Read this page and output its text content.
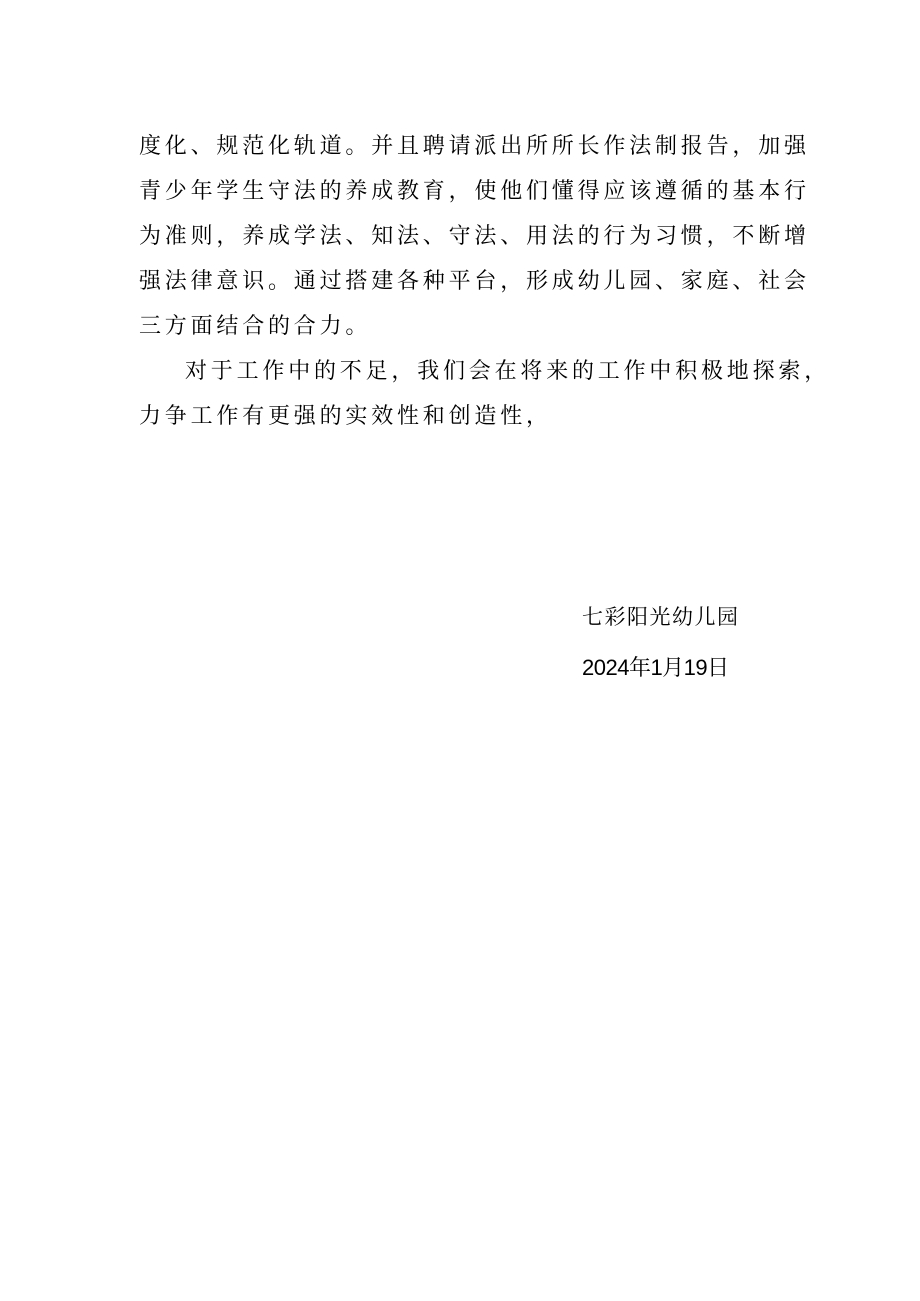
度化、规范化轨道。并且聘请派出所所长作法制报告，加强
青少年学生守法的养成教育，使他们懂得应该遵循的基本行
为准则，养成学法、知法、守法、用法的行为习惯，不断增
强法律意识。通过搭建各种平台，形成幼儿园、家庭、社会
三方面结合的合力。
对于工作中的不足，我们会在将来的工作中积极地探索，
力争工作有更强的实效性和创造性，
七彩阳光幼儿园
2024年1月19日
